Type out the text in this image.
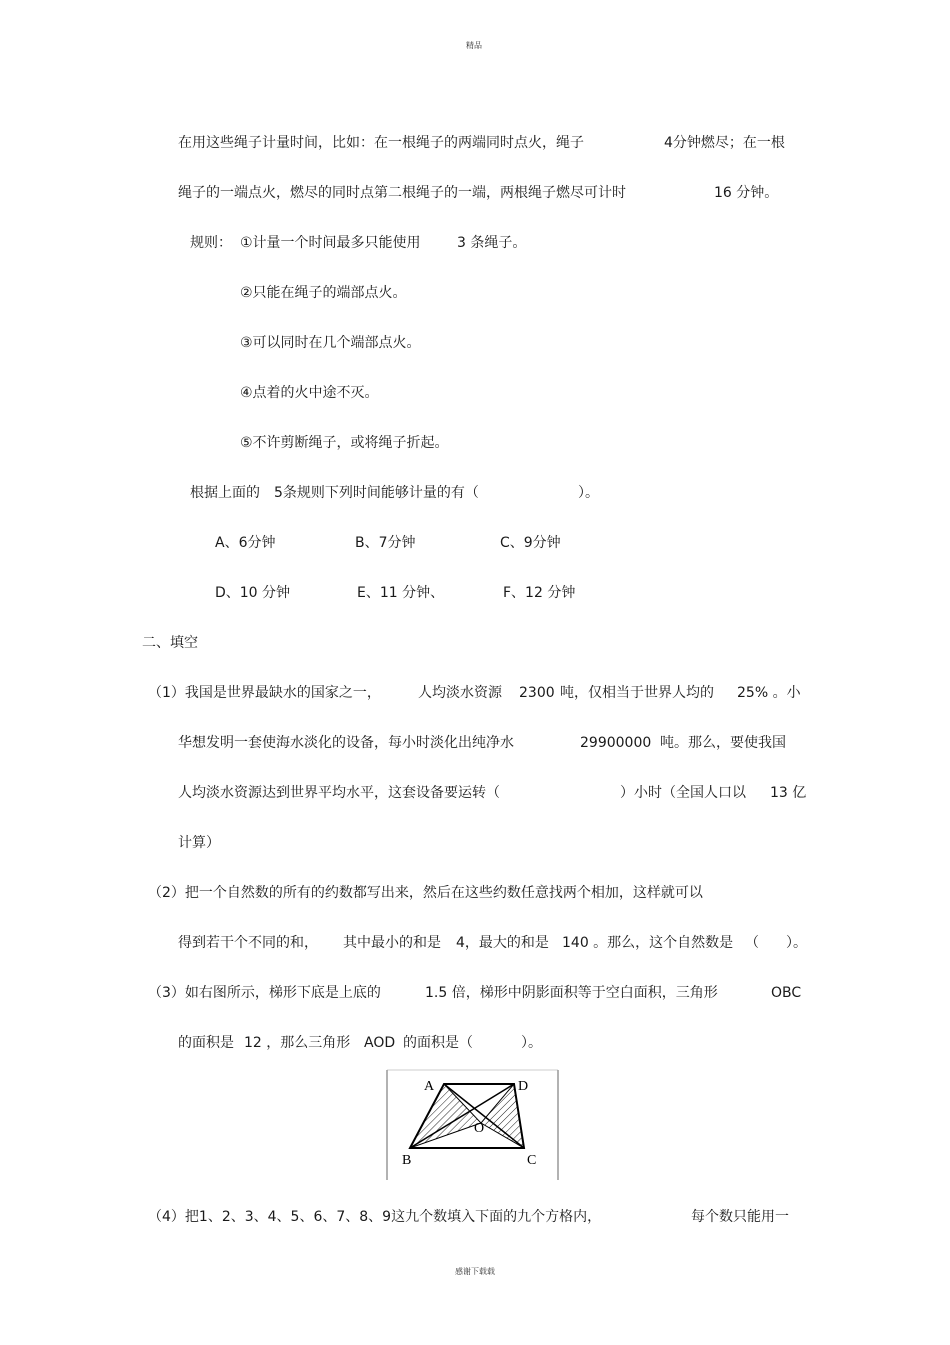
精品
感谢下载载
在用这些绳子计量时间，比如：在一根绳子的两端同时点火，绳子	4分钟燃尽；在一根
绳子的一端点火，燃尽的同时点第二根绳子的一端，两根绳子燃尽可计时	16 分钟。
规则： ①计量一个时间最多只能使用	3 条绳子。
②只能在绳子的端部点火。
③可以同时在几个端部点火。
④点着的火中途不灭。
⑤不许剪断绳子，或将绳子折起。
根据上面的 5条规则下列时间能够计量的有（	）。
A、6分钟	B、7分钟	C、9分钟
D、10 分钟	E、11 分钟、	F、12 分钟
二、填空
（1）我国是世界最缺水的国家之一，	人均淡水资源 2300 吨，仅相当于世界人均的 25% 。小
华想发明一套使海水淡化的设备，每小时淡化出纯净水	29900000 吨。那么，要使我国
人均淡水资源达到世界平均水平，这套设备要运转（	）小时（全国人口以 13 亿
计算）
（2）把一个自然数的所有的约数都写出来，然后在这些约数任意找两个相加，这样就可以
得到若干个不同的和， 其中最小的和是 4，最大的和是 140 。那么，这个自然数是 （ ）。
（3）如右图所示，梯形下底是上底的	1.5 倍，梯形中阴影面积等于空白面积，三角形	OBC
的面积是 12 ，那么三角形 AOD 的面积是（	）。
A	D
O
B	C
（4）把1、2、3、4、5、6、7、8、9这九个数填入下面的九个方格内，	每个数只能用一
